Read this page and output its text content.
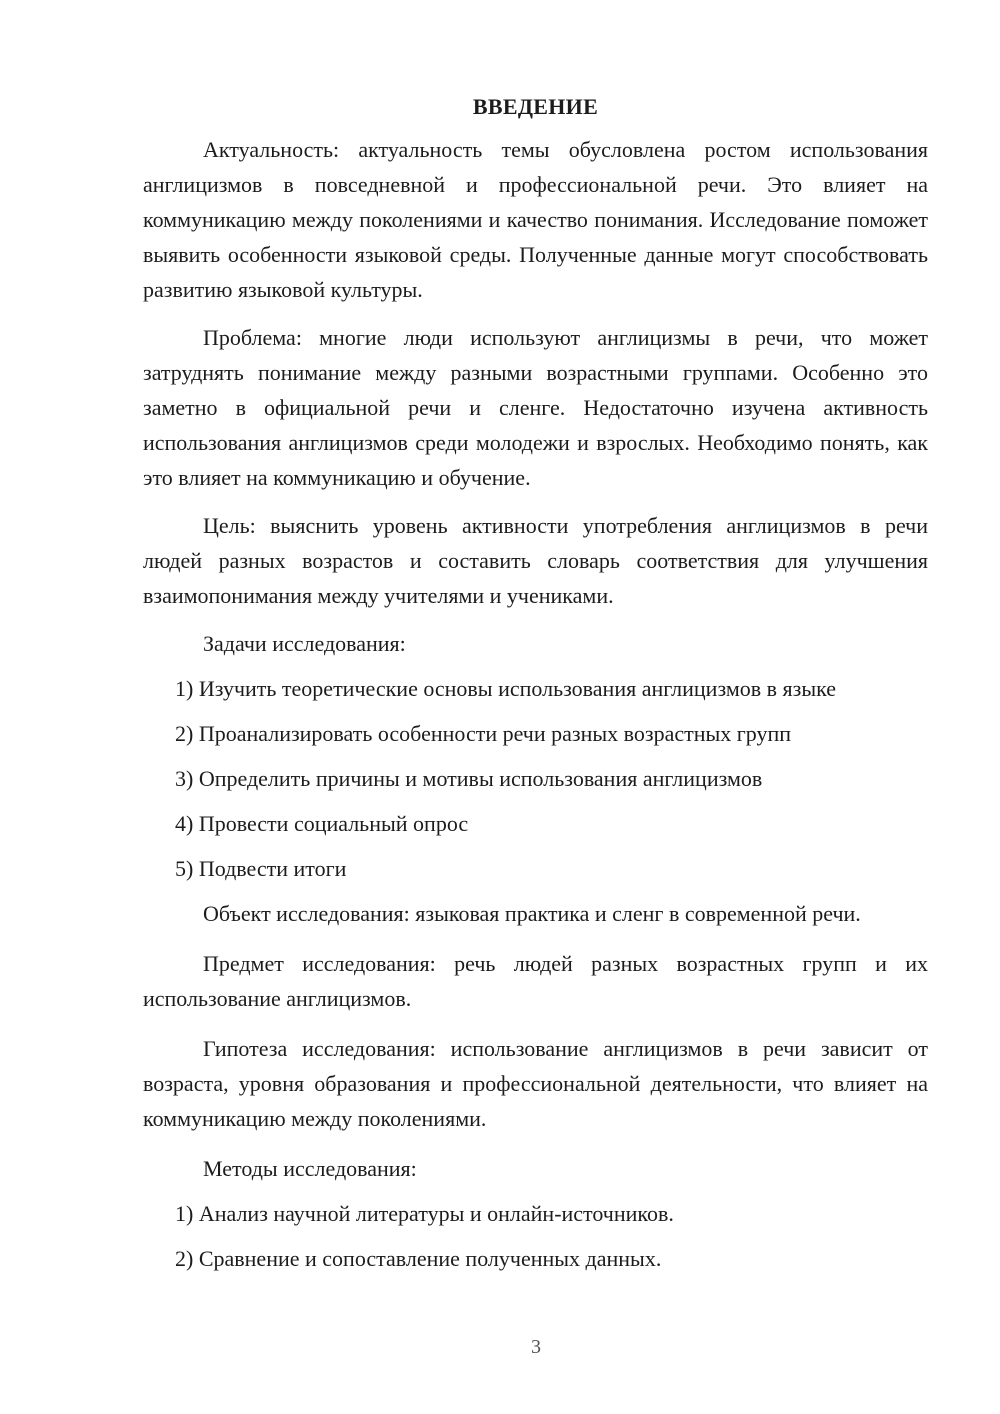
ВВЕДЕНИЕ

Актуальность: актуальность темы обусловлена ростом использования англицизмов в повседневной и профессиональной речи. Это влияет на коммуникацию между поколениями и качество понимания. Исследование поможет выявить особенности языковой среды. Полученные данные могут способствовать развитию языковой культуры.

Проблема: многие люди используют англицизмы в речи, что может затруднять понимание между разными возрастными группами. Особенно это заметно в официальной речи и сленге. Недостаточно изучена активность использования англицизмов среди молодежи и взрослых. Необходимо понять, как это влияет на коммуникацию и обучение.

Цель: выяснить уровень активности употребления англицизмов в речи людей разных возрастов и составить словарь соответствия для улучшения взаимопонимания между учителями и учениками.

Задачи исследования:
1) Изучить теоретические основы использования англицизмов в языке
2) Проанализировать особенности речи разных возрастных групп
3) Определить причины и мотивы использования англицизмов
4) Провести социальный опрос
5) Подвести итоги

Объект исследования: языковая практика и сленг в современной речи.

Предмет исследования: речь людей разных возрастных групп и их использование англицизмов.

Гипотеза исследования: использование англицизмов в речи зависит от возраста, уровня образования и профессиональной деятельности, что влияет на коммуникацию между поколениями.

Методы исследования:
1) Анализ научной литературы и онлайн-источников.
2) Сравнение и сопоставление полученных данных.
3
